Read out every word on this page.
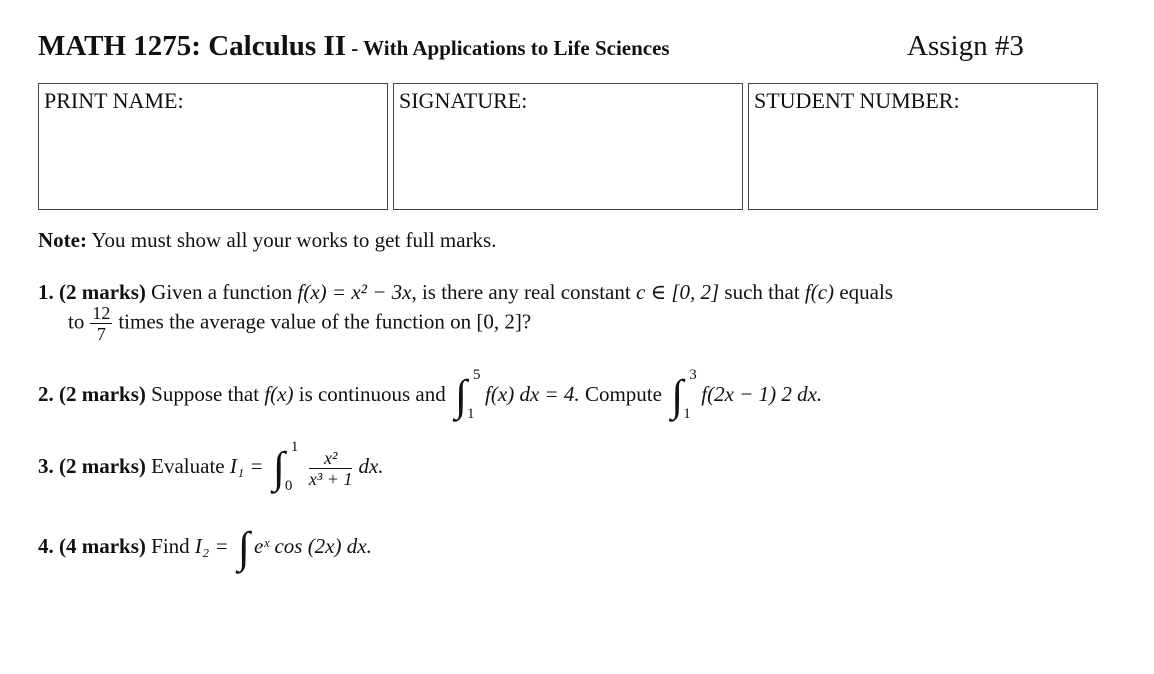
MATH 1275: Calculus II - With Applications to Life Sciences	Assign #3
PRINT NAME:	SIGNATURE:	STUDENT NUMBER:
Note: You must show all your works to get full marks.
1. (2 marks) Given a function f(x) = x² − 3x, is there any real constant c ∈ [0, 2] such that f(c) equals
to $\frac{12}{7}$ times the average value of the function on [0, 2]?
2. (2 marks) Suppose that f(x) is continuous and ∫ 5
1
f(x) dx = 4. Compute ∫ 3
1
f(2x − 1) 2 dx.
3. (2 marks) Evaluate I₁ = ∫ 1
$0 \frac{\text{x²}}{\text{x³ + 1}}$ dx.
4. (4 marks) Find I₂ = ∫ eˣ cos (2x) dx.
